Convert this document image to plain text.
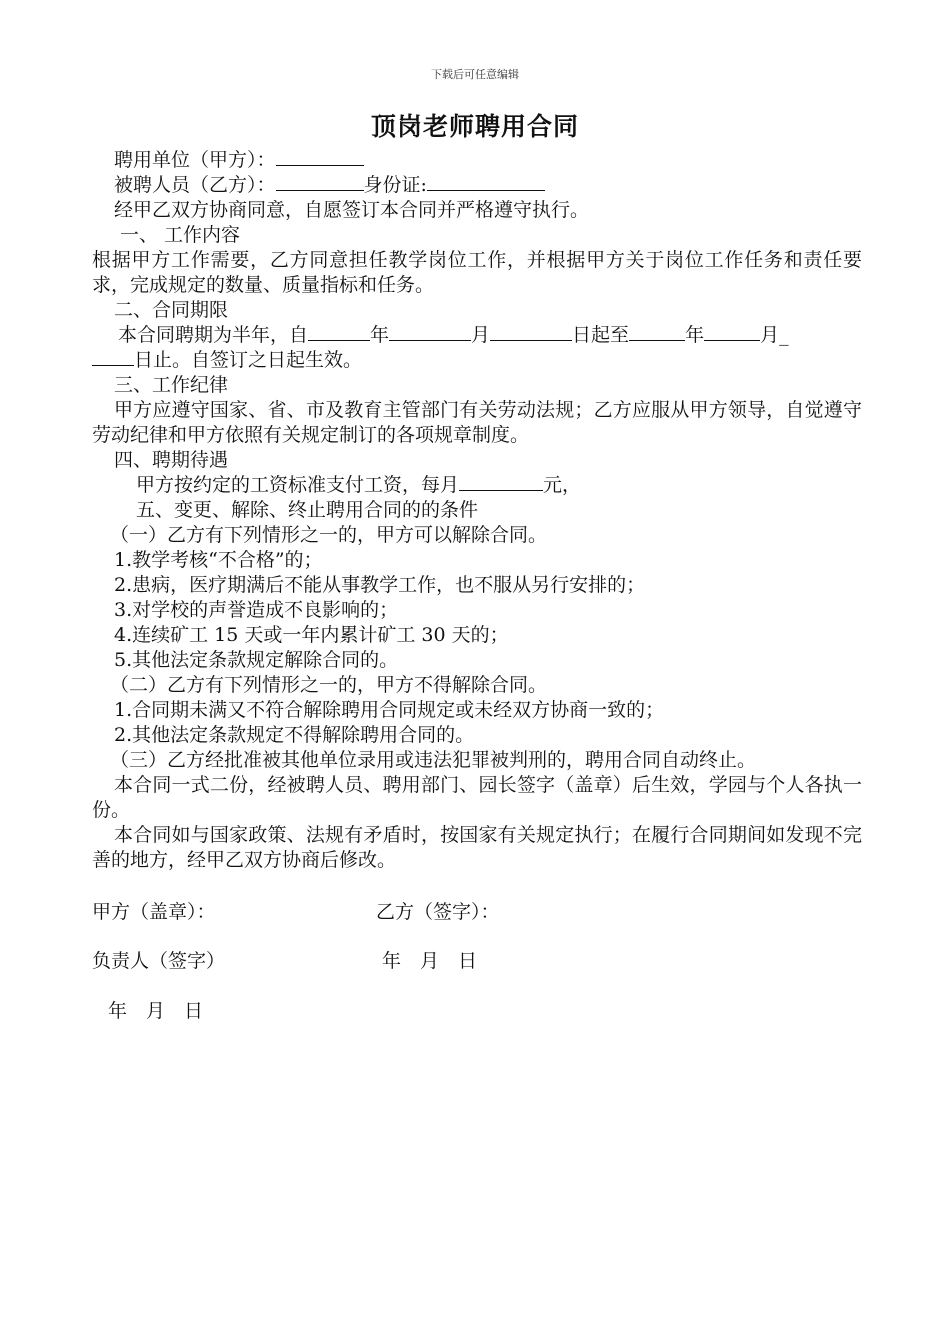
下载后可任意编辑
顶岗老师聘用合同
聘用单位（甲方）：
被聘人员（乙方）：	身份证:
经甲乙双方协商同意，自愿签订本合同并严格遵守执行。
一、 工作内容
根据甲方工作需要，乙方同意担任教学岗位工作，并根据甲方关于岗位工作任务和责任要求，完成规定的数量、质量指标和任务。
二、合同期限
本合同聘期为半年，自	年	月	日起至	年	月_
日止。自签订之日起生效。
三、工作纪律
甲方应遵守国家、省、市及教育主管部门有关劳动法规；乙方应服从甲方领导，自觉遵守劳动纪律和甲方依照有关规定制订的各项规章制度。
四、聘期待遇
甲方按约定的工资标准支付工资，每月	元，
五、变更、解除、终止聘用合同的的条件
（一）乙方有下列情形之一的，甲方可以解除合同。
1.教学考核“不合格”的；
2.患病，医疗期满后不能从事教学工作，也不服从另行安排的；
3.对学校的声誉造成不良影响的；
4.连续矿工 15 天或一年内累计矿工 30 天的；
5.其他法定条款规定解除合同的。
（二）乙方有下列情形之一的，甲方不得解除合同。
1.合同期未满又不符合解除聘用合同规定或未经双方协商一致的；
2.其他法定条款规定不得解除聘用合同的。
（三）乙方经批准被其他单位录用或违法犯罪被判刑的，聘用合同自动终止。
本合同一式二份，经被聘人员、聘用部门、园长签字（盖章）后生效，学园与个人各执一份。
本合同如与国家政策、法规有矛盾时，按国家有关规定执行；在履行合同期间如发现不完善的地方，经甲乙双方协商后修改。
甲方（盖章）：	乙方（签字）：
负责人（签字）	年　月　日
年　月　日
